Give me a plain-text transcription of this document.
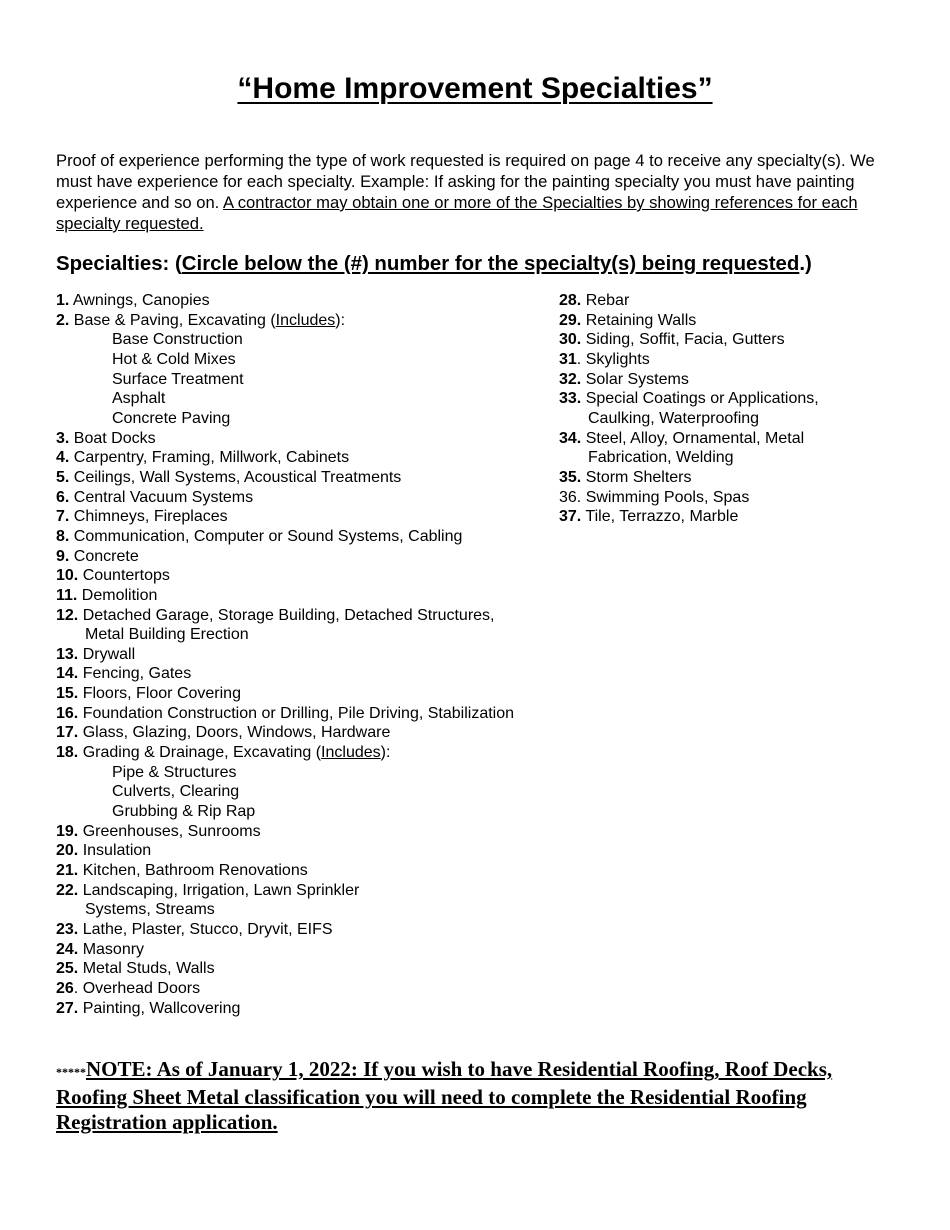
“Home Improvement Specialties”
Proof of experience performing the type of work requested is required on page 4 to receive any specialty(s). We must have experience for each specialty. Example: If asking for the painting specialty you must have painting experience and so on. A contractor may obtain one or more of the Specialties by showing references for each specialty requested.
Specialties: (Circle below the (#) number for the specialty(s) being requested.)
1. Awnings, Canopies
2. Base & Paving, Excavating (Includes):
Base Construction
Hot & Cold Mixes
Surface Treatment
Asphalt
Concrete Paving
3. Boat Docks
4. Carpentry, Framing, Millwork, Cabinets
5. Ceilings, Wall Systems, Acoustical Treatments
6. Central Vacuum Systems
7. Chimneys, Fireplaces
8. Communication, Computer or Sound Systems, Cabling
9. Concrete
10. Countertops
11. Demolition
12. Detached Garage, Storage Building, Detached Structures,
Metal Building Erection
13. Drywall
14. Fencing, Gates
15. Floors, Floor Covering
16. Foundation Construction or Drilling, Pile Driving, Stabilization
17. Glass, Glazing, Doors, Windows, Hardware
18. Grading & Drainage, Excavating (Includes):
Pipe & Structures
Culverts, Clearing
Grubbing & Rip Rap
19. Greenhouses, Sunrooms
20. Insulation
21. Kitchen, Bathroom Renovations
22. Landscaping, Irrigation, Lawn Sprinkler
Systems, Streams
23. Lathe, Plaster, Stucco, Dryvit, EIFS
24. Masonry
25. Metal Studs, Walls
26. Overhead Doors
27. Painting, Wallcovering
28. Rebar
29. Retaining Walls
30. Siding, Soffit, Facia, Gutters
31. Skylights
32. Solar Systems
33. Special Coatings or Applications,
Caulking, Waterproofing
34. Steel, Alloy, Ornamental, Metal
Fabrication, Welding
35. Storm Shelters
36. Swimming Pools, Spas
37. Tile, Terrazzo, Marble
*****NOTE: As of January 1, 2022: If you wish to have Residential Roofing, Roof Decks, Roofing Sheet Metal classification you will need to complete the Residential Roofing Registration application.
